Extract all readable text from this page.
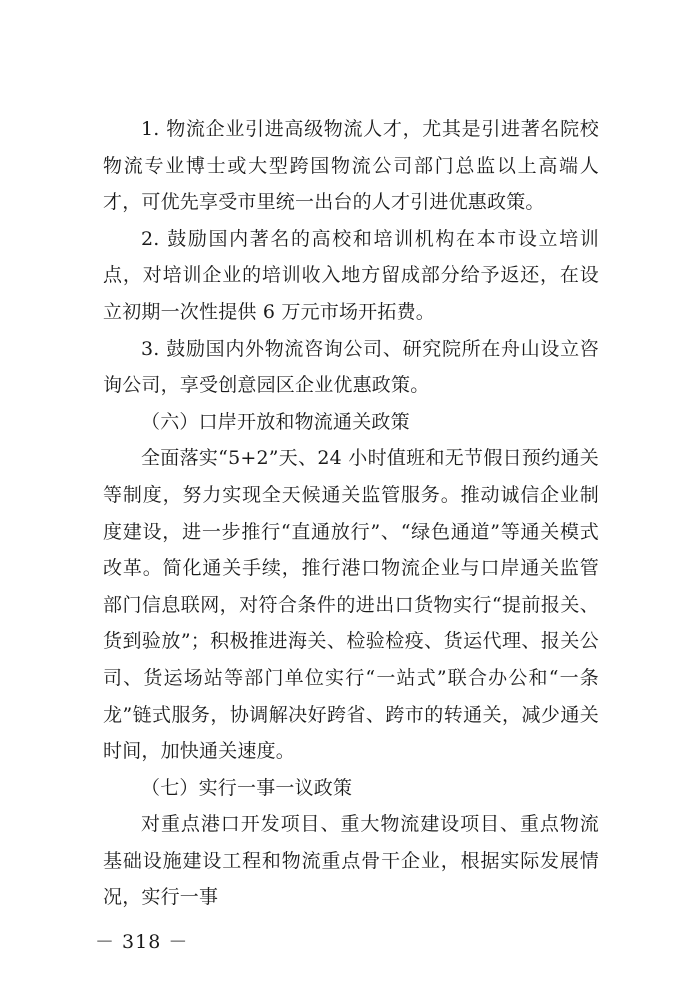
1. 物流企业引进高级物流人才，尤其是引进著名院校物流专业博士或大型跨国物流公司部门总监以上高端人才，可优先享受市里统一出台的人才引进优惠政策。

2. 鼓励国内著名的高校和培训机构在本市设立培训点，对培训企业的培训收入地方留成部分给予返还，在设立初期一次性提供 6 万元市场开拓费。

3. 鼓励国内外物流咨询公司、研究院所在舟山设立咨询公司，享受创意园区企业优惠政策。

（六）口岸开放和物流通关政策

全面落实“5+2”天、24 小时值班和无节假日预约通关等制度，努力实现全天候通关监管服务。推动诚信企业制度建设，进一步推行“直通放行”、“绿色通道”等通关模式改革。简化通关手续，推行港口物流企业与口岸通关监管部门信息联网，对符合条件的进出口货物实行“提前报关、货到验放”；积极推进海关、检验检疫、货运代理、报关公司、货运场站等部门单位实行“一站式”联合办公和“一条龙”链式服务，协调解决好跨省、跨市的转通关，减少通关时间，加快通关速度。

（七）实行一事一议政策

对重点港口开发项目、重大物流建设项目、重点物流基础设施建设工程和物流重点骨干企业，根据实际发展情况，实行一事

－ 318 －
